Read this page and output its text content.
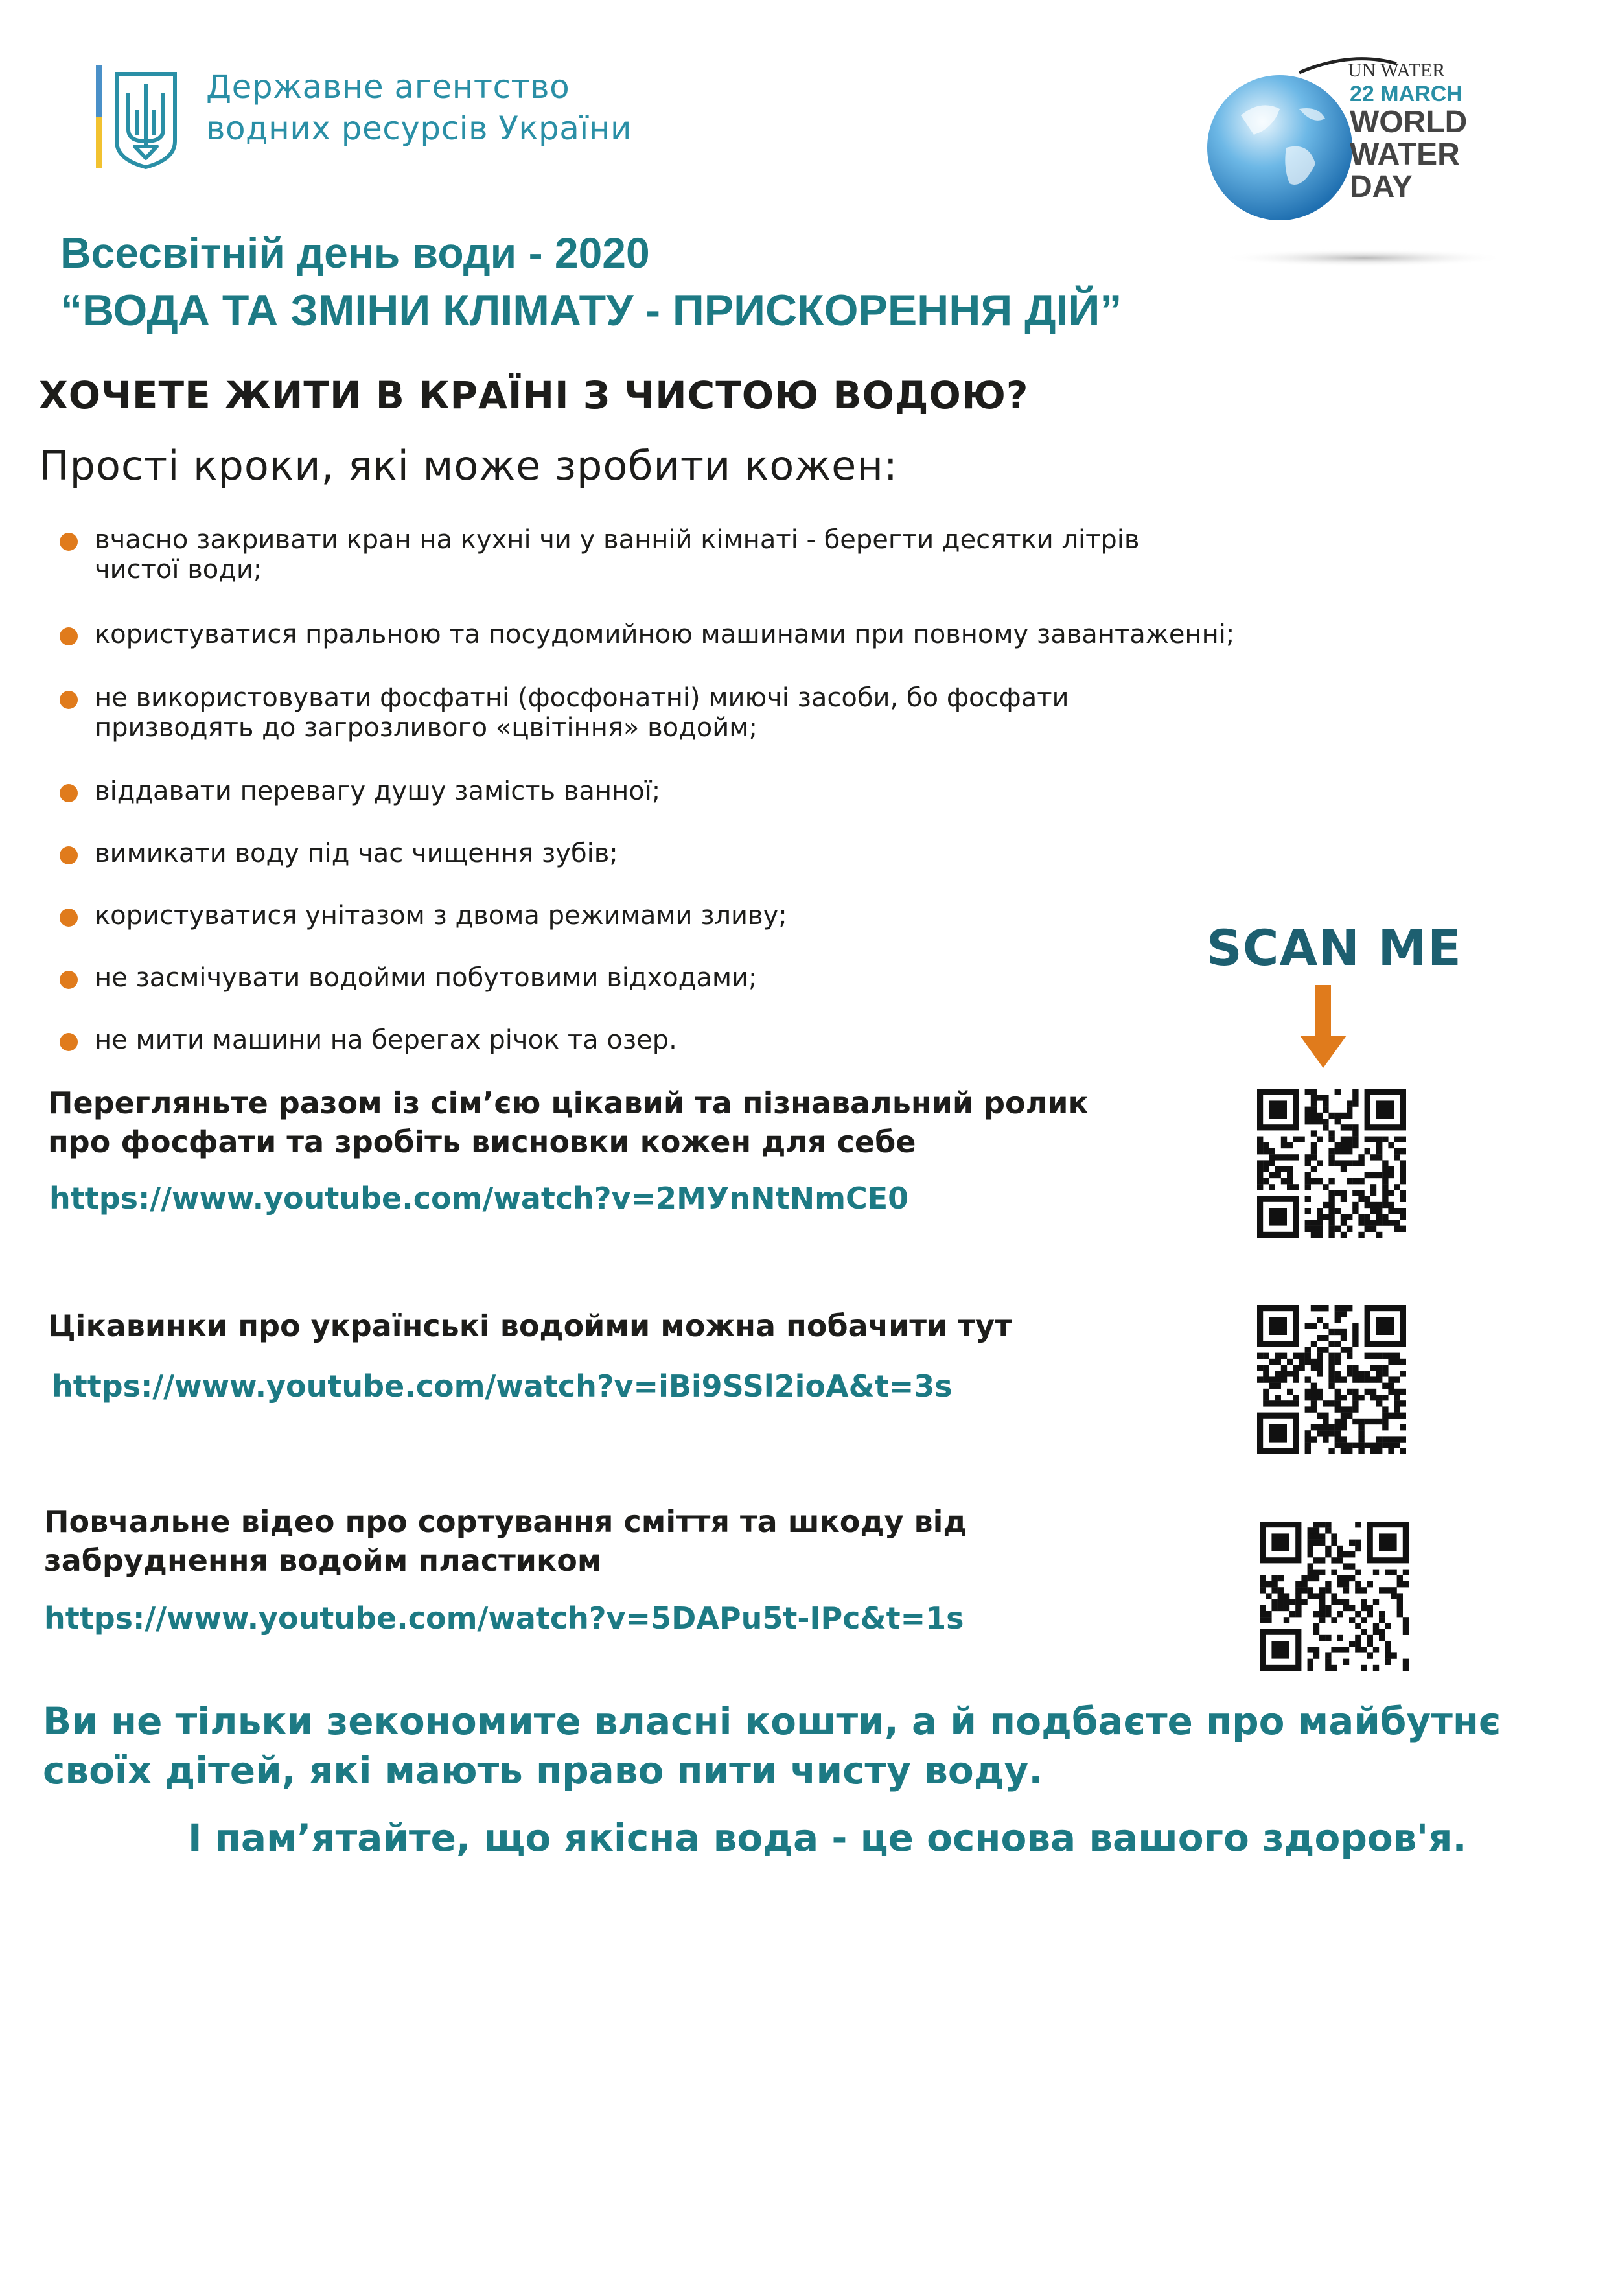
Державне агентство
водних ресурсів України
UN WATER
22 MARCH
WORLD
WATER
DAY
Всесвітній день води - 2020
“ВОДА ТА ЗМІНИ КЛІМАТУ - ПРИСКОРЕННЯ ДІЙ”
ХОЧЕТЕ ЖИТИ В КРАЇНІ З ЧИСТОЮ ВОДОЮ?
Прості кроки, які може зробити кожен:
вчасно закривати кран на кухні чи у ванній кімнаті - берегти десятки літрів
чистої води;
користуватися пральною та посудомийною машинами при повному завантаженні;
не використовувати фосфатні (фосфонатні) миючі засоби, бо фосфати
призводять до загрозливого «цвітіння» водойм;
віддавати перевагу душу замість ванної;
вимикати воду під час чищення зубів;
користуватися унітазом з двома режимами зливу;
не засмічувати водойми побутовими відходами;
не мити машини на берегах річок та озер.
SCAN ME
Перегляньте разом із сім’єю цікавий та пізнавальний ролик
про фосфати та зробіть висновки кожен для себе
https://www.youtube.com/watch?v=2MУnNtNmCE0
Цікавинки про українські водойми можна побачити тут
https://www.youtube.com/watch?v=iBi9SSl2ioA&t=3s
Повчальне відео про сортування сміття та шкоду від
забруднення водойм пластиком
https://www.youtube.com/watch?v=5DAPu5t-IPc&t=1s
Ви не тільки зекономите власні кошти, а й подбаєте про майбутнє
своїх дітей, які мають право пити чисту воду.
І пам’ятайте, що якісна вода - це основа вашого здоров'я.
